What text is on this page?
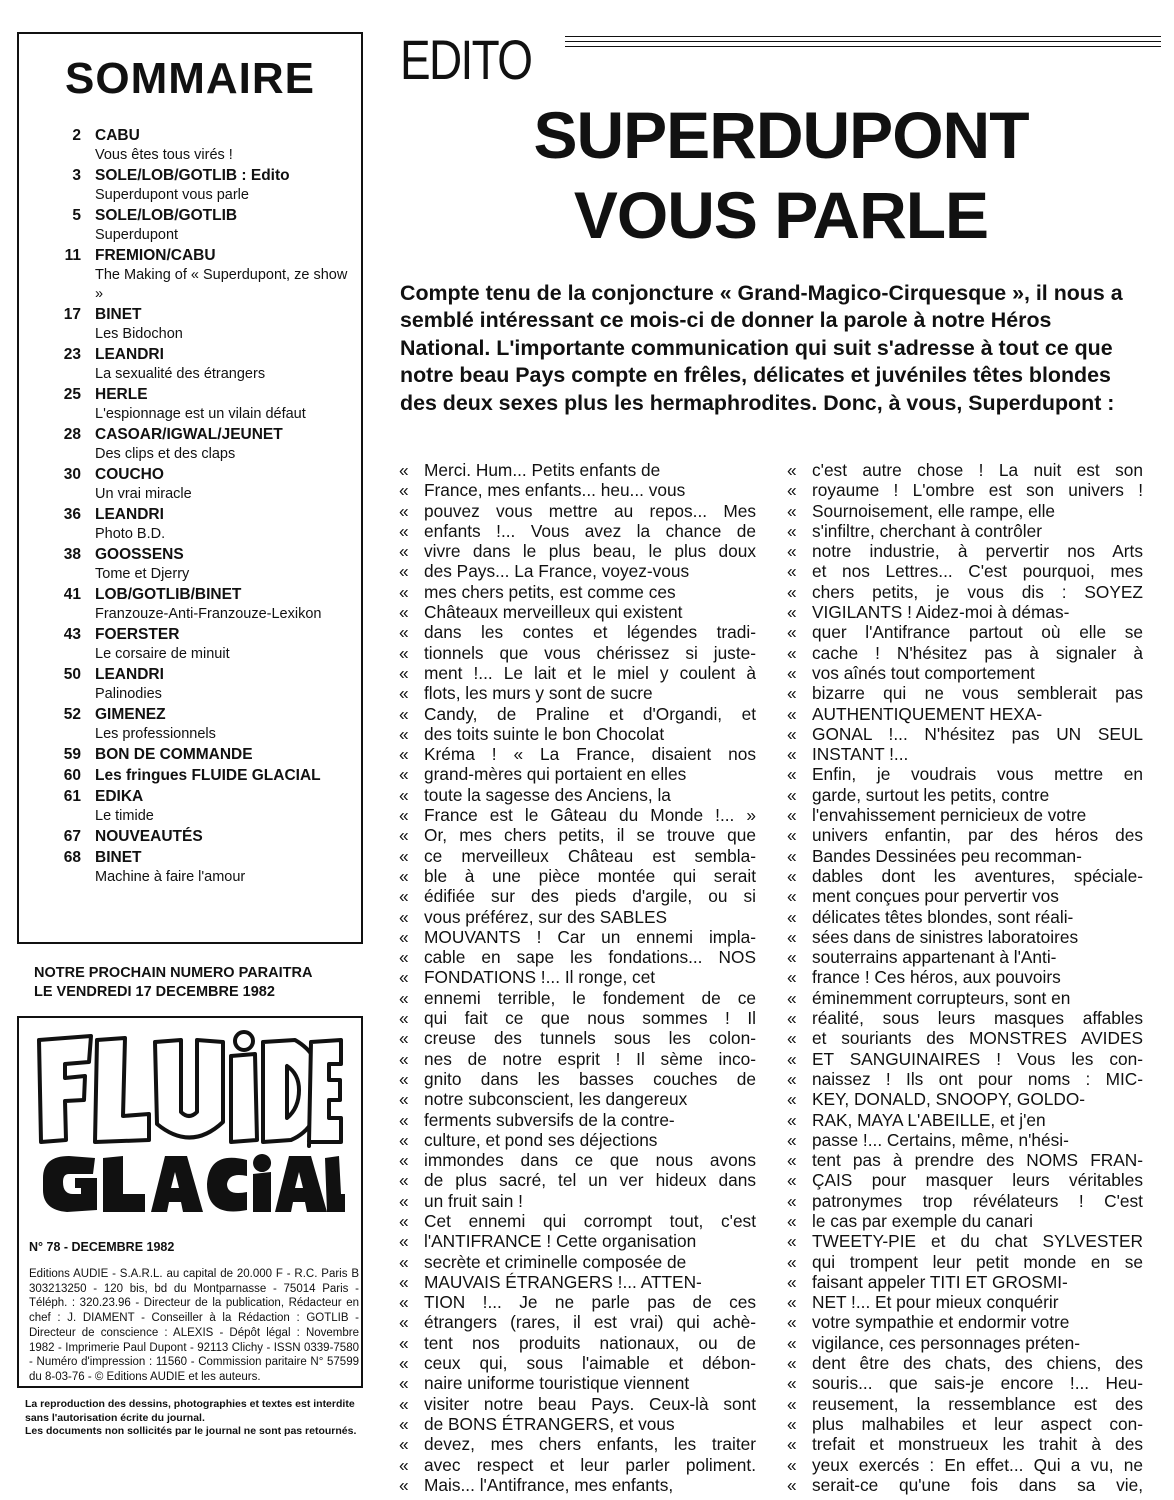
SOMMAIRE
2 CABU
Vous êtes tous virés !
3 SOLE/LOB/GOTLIB : Edito
Superdupont vous parle
5 SOLE/LOB/GOTLIB
Superdupont
11 FREMION/CABU
The Making of « Superdupont, ze show »
17 BINET
Les Bidochon
23 LEANDRI
La sexualité des étrangers
25 HERLE
L'espionnage est un vilain défaut
28 CASOAR/IGWAL/JEUNET
Des clips et des claps
30 COUCHO
Un vrai miracle
36 LEANDRI
Photo B.D.
38 GOOSSENS
Tome et Djerry
41 LOB/GOTLIB/BINET
Franzouze-Anti-Franzouze-Lexikon
43 FOERSTER
Le corsaire de minuit
50 LEANDRI
Palinodies
52 GIMENEZ
Les professionnels
59 BON DE COMMANDE
60 Les fringues FLUIDE GLACIAL
61 EDIKA
Le timide
67 NOUVEAUTÉS
68 BINET
Machine à faire l'amour
NOTRE PROCHAIN NUMERO PARAITRA
LE VENDREDI 17 DECEMBRE 1982
N° 78 - DECEMBRE 1982
Editions AUDIE - S.A.R.L. au capital de 20.000 F - R.C. Paris B 303213250 - 120 bis, bd du Montparnasse - 75014 Paris - Téléph. : 320.23.96 - Directeur de la publication, Rédacteur en chef : J. DIAMENT - Conseiller à la Rédaction : GOTLIB - Directeur de conscience : ALEXIS - Dépôt légal : Novembre 1982 - Imprimerie Paul Dupont - 92113 Clichy - ISSN 0339-7580 - Numéro d'impression : 11560 - Commission paritaire N° 57599 du 8-03-76 - © Editions AUDIE et les auteurs.
La reproduction des dessins, photographies et textes est interdite sans l'autorisation écrite du journal.
Les documents non sollicités par le journal ne sont pas retournés.
EDITO
SUPERDUPONT
VOUS PARLE
Compte tenu de la conjoncture « Grand-Magico-Cirquesque », il nous a semblé intéressant ce mois-ci de donner la parole à notre Héros National. L'importante communication qui suit s'adresse à tout ce que notre beau Pays compte en frêles, délicates et juvéniles têtes blondes des deux sexes plus les hermaphrodites. Donc, à vous, Superdupont :
« Merci. Hum... Petits enfants de
« France, mes enfants... heu... vous
« pouvez vous mettre au repos... Mes
« enfants !... Vous avez la chance de
« vivre dans le plus beau, le plus doux
« des Pays... La France, voyez-vous
« mes chers petits, est comme ces
« Châteaux merveilleux qui existent
« dans les contes et légendes tradi-
« tionnels que vous chérissez si juste-
« ment !... Le lait et le miel y coulent à
« flots, les murs y sont de sucre
« Candy, de Praline et d'Organdi, et
« des toits suinte le bon Chocolat
« Kréma ! « La France, disaient nos
« grand-mères qui portaient en elles
« toute la sagesse des Anciens, la
« France est le Gâteau du Monde !... »
« Or, mes chers petits, il se trouve que
« ce merveilleux Château est sembla-
« ble à une pièce montée qui serait
« édifiée sur des pieds d'argile, ou si
« vous préférez, sur des SABLES
« MOUVANTS ! Car un ennemi impla-
« cable en sape les fondations... NOS
« FONDATIONS !... Il ronge, cet
« ennemi terrible, le fondement de ce
« qui fait ce que nous sommes ! Il
« creuse des tunnels sous les colon-
« nes de notre esprit ! Il sème inco-
« gnito dans les basses couches de
« notre subconscient, les dangereux
« ferments subversifs de la contre-
« culture, et pond ses déjections
« immondes dans ce que nous avons
« de plus sacré, tel un ver hideux dans
« un fruit sain !
« Cet ennemi qui corrompt tout, c'est
« l'ANTIFRANCE ! Cette organisation
« secrète et criminelle composée de
« MAUVAIS ÉTRANGERS !... ATTEN-
« TION !... Je ne parle pas de ces
« étrangers (rares, il est vrai) qui achè-
« tent nos produits nationaux, ou de
« ceux qui, sous l'aimable et débon-
« naire uniforme touristique viennent
« visiter notre beau Pays. Ceux-là sont
« de BONS ÉTRANGERS, et vous
« devez, mes chers enfants, les traiter
« avec respect et leur parler poliment.
« Mais... l'Antifrance, mes enfants,
« c'est autre chose ! La nuit est son
« royaume ! L'ombre est son univers !
« Sournoisement, elle rampe, elle
« s'infiltre, cherchant à contrôler
« notre industrie, à pervertir nos Arts
« et nos Lettres... C'est pourquoi, mes
« chers petits, je vous dis : SOYEZ
« VIGILANTS ! Aidez-moi à démas-
« quer l'Antifrance partout où elle se
« cache ! N'hésitez pas à signaler à
« vos aînés tout comportement
« bizarre qui ne vous semblerait pas
« AUTHENTIQUEMENT HEXA-
« GONAL !... N'hésitez pas UN SEUL
« INSTANT !...
« Enfin, je voudrais vous mettre en
« garde, surtout les petits, contre
« l'envahissement pernicieux de votre
« univers enfantin, par des héros des
« Bandes Dessinées peu recomman-
« dables dont les aventures, spéciale-
« ment conçues pour pervertir vos
« délicates têtes blondes, sont réali-
« sées dans de sinistres laboratoires
« souterrains appartenant à l'Anti-
« france ! Ces héros, aux pouvoirs
« éminemment corrupteurs, sont en
« réalité, sous leurs masques affables
« et souriants des MONSTRES AVIDES
« ET SANGUINAIRES ! Vous les con-
« naissez ! Ils ont pour noms : MIC-
« KEY, DONALD, SNOOPY, GOLDO-
« RAK, MAYA L'ABEILLE, et j'en
« passe !... Certains, même, n'hési-
« tent pas à prendre des NOMS FRAN-
« ÇAIS pour masquer leurs véritables
« patronymes trop révélateurs ! C'est
« le cas par exemple du canari
« TWEETY-PIE et du chat SYLVESTER
« qui trompent leur petit monde en se
« faisant appeler TITI ET GROSMI-
« NET !... Et pour mieux conquérir
« votre sympathie et endormir votre
« vigilance, ces personnages préten-
« dent être des chats, des chiens, des
« souris... que sais-je encore !... Heu-
« reusement, la ressemblance est des
« plus malhabiles et leur aspect con-
« trefait et monstrueux les trahit à des
« yeux exercés : En effet... Qui a vu, ne
« serait-ce qu'une fois dans sa vie,
